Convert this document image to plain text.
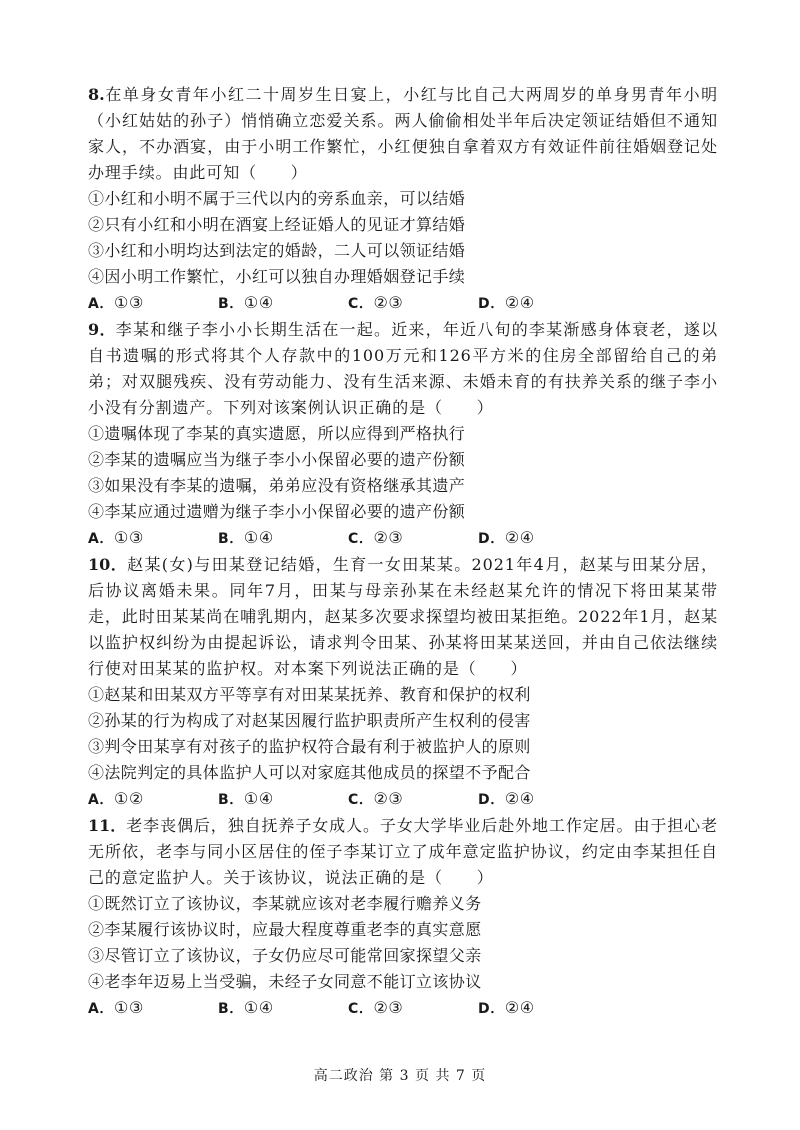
8.在单身女青年小红二十周岁生日宴上，小红与比自己大两周岁的单身男青年小明（小红姑姑的孙子）悄悄确立恋爱关系。两人偷偷相处半年后决定领证结婚但不通知家人，不办酒宴，由于小明工作繁忙，小红便独自拿着双方有效证件前往婚姻登记处办理手续。由此可知（　　）
①小红和小明不属于三代以内的旁系血亲，可以结婚
②只有小红和小明在酒宴上经证婚人的见证才算结婚
③小红和小明均达到法定的婚龄，二人可以领证结婚
④因小明工作繁忙，小红可以独自办理婚姻登记手续
A．①③	B．①④	C．②③	D．②④
9．李某和继子李小小长期生活在一起。近来，年近八旬的李某渐感身体衰老，遂以自书遗嘱的形式将其个人存款中的100万元和126平方米的住房全部留给自己的弟弟；对双腿残疾、没有劳动能力、没有生活来源、未婚未育的有扶养关系的继子李小小没有分割遗产。下列对该案例认识正确的是（　　）
①遗嘱体现了李某的真实遗愿，所以应得到严格执行
②李某的遗嘱应当为继子李小小保留必要的遗产份额
③如果没有李某的遗嘱，弟弟应没有资格继承其遗产
④李某应通过遗赠为继子李小小保留必要的遗产份额
A．①③	B．①④	C．②③	D．②④
10．赵某(女)与田某登记结婚，生育一女田某某。2021年4月，赵某与田某分居，后协议离婚未果。同年7月，田某与母亲孙某在未经赵某允许的情况下将田某某带走，此时田某某尚在哺乳期内，赵某多次要求探望均被田某拒绝。2022年1月，赵某以监护权纠纷为由提起诉讼，请求判令田某、孙某将田某某送回，并由自己依法继续行使对田某某的监护权。对本案下列说法正确的是（　　）
①赵某和田某双方平等享有对田某某抚养、教育和保护的权利
②孙某的行为构成了对赵某因履行监护职责所产生权利的侵害
③判令田某享有对孩子的监护权符合最有利于被监护人的原则
④法院判定的具体监护人可以对家庭其他成员的探望不予配合
A．①②	B．①④	C．②③	D．②④
11．老李丧偶后，独自抚养子女成人。子女大学毕业后赴外地工作定居。由于担心老无所依，老李与同小区居住的侄子李某订立了成年意定监护协议，约定由李某担任自己的意定监护人。关于该协议，说法正确的是（　　）
①既然订立了该协议，李某就应该对老李履行赡养义务
②李某履行该协议时，应最大程度尊重老李的真实意愿
③尽管订立了该协议，子女仍应尽可能常回家探望父亲
④老李年迈易上当受骗，未经子女同意不能订立该协议
A．①③	B．①④	C．②③	D．②④
高二政治 第 3 页 共 7 页
